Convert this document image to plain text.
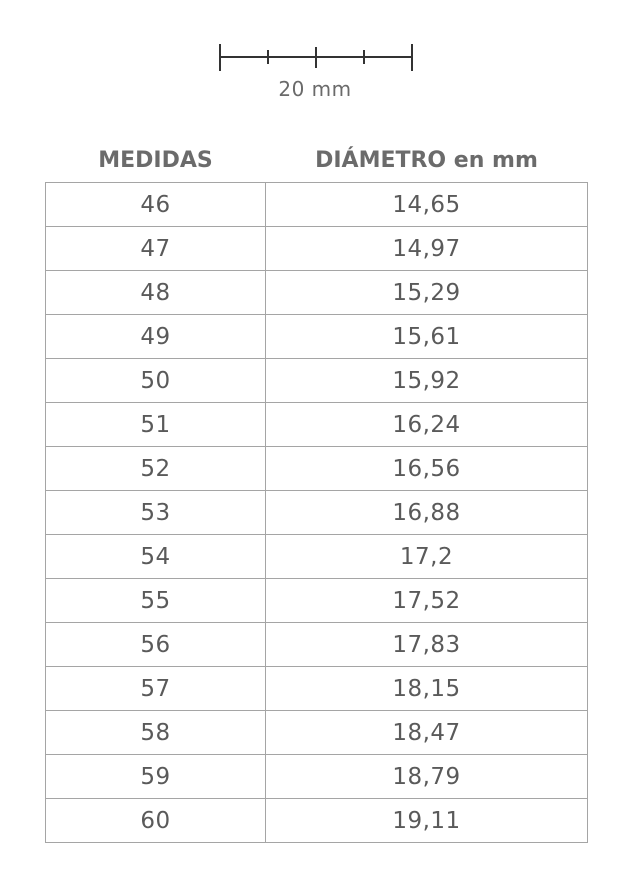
20 mm
MEDIDAS	DIÁMETRO en mm
46	14,65
47	14,97
48	15,29
49	15,61
50	15,92
51	16,24
52	16,56
53	16,88
54	17,2
55	17,52
56	17,83
57	18,15
58	18,47
59	18,79
60	19,11
